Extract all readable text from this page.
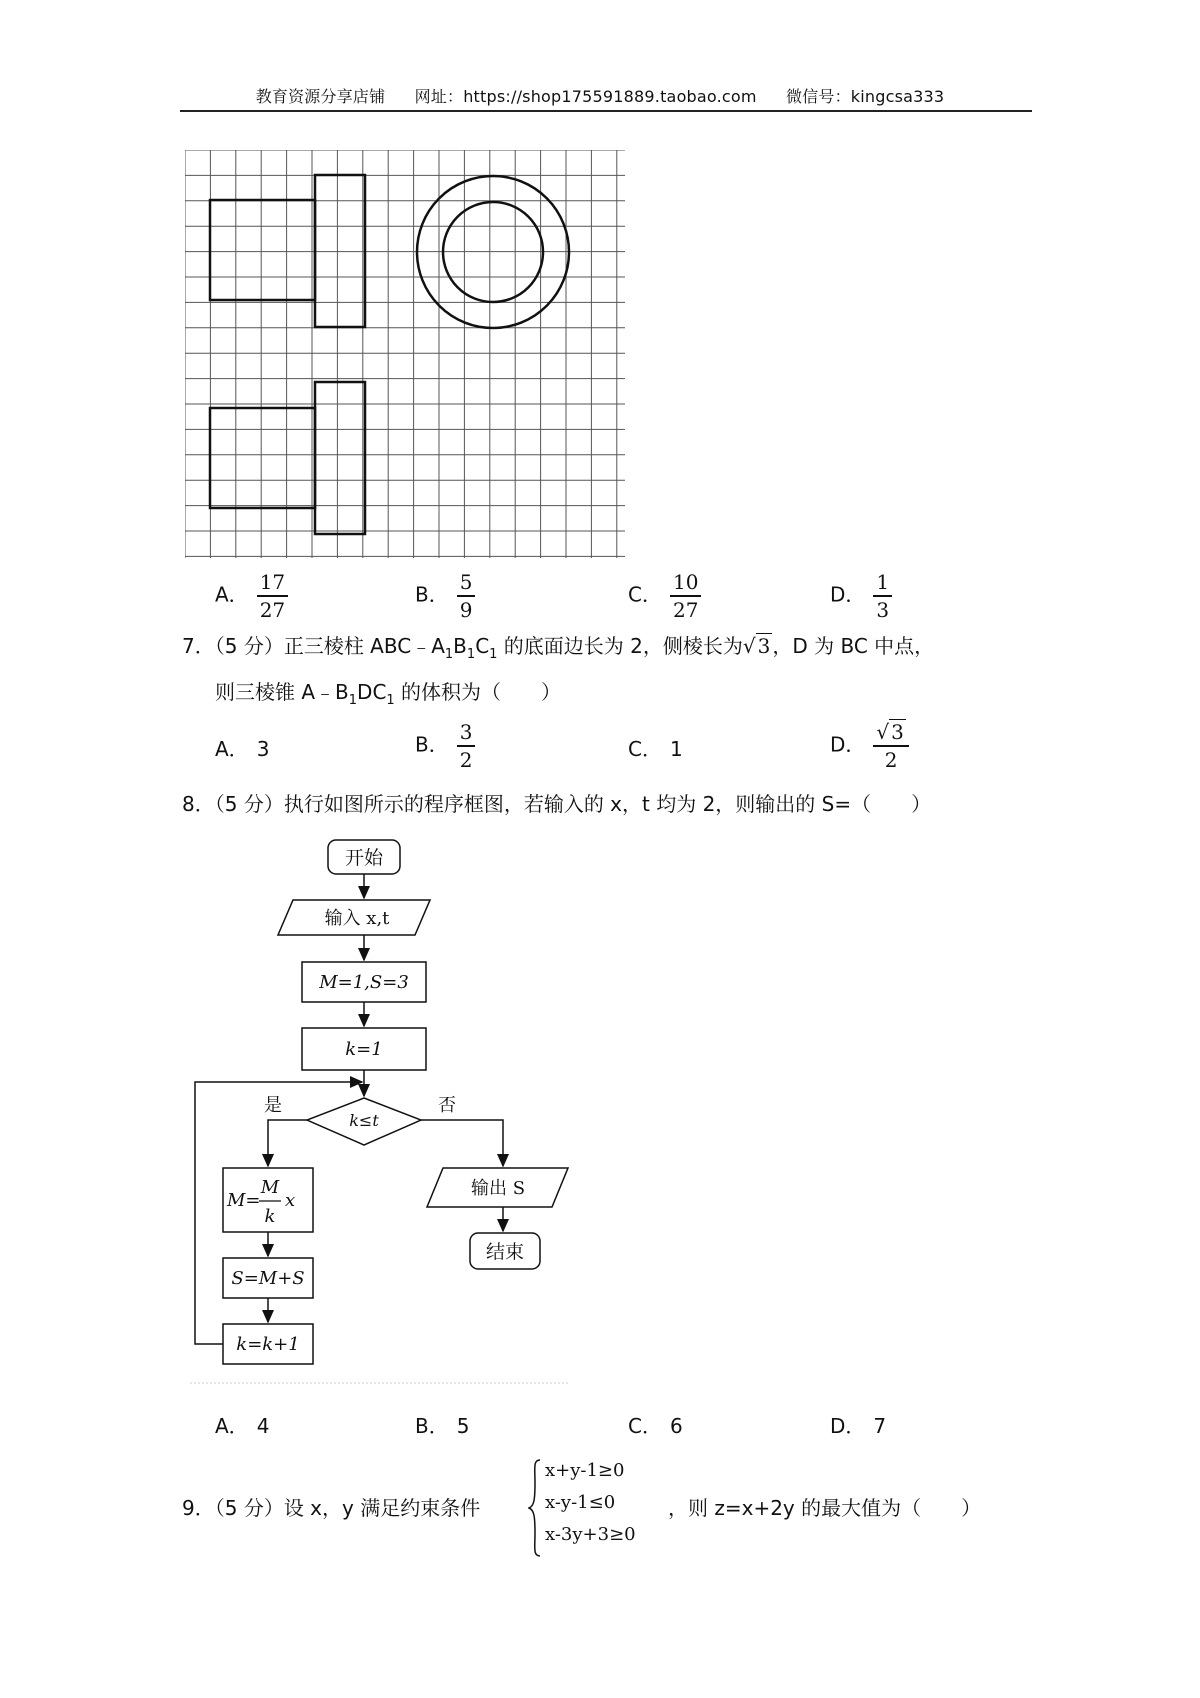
教育资源分享店铺 网址：https://shop175591889.taobao.com 微信号：kingcsa333
A． $\frac{17}{27}$	B． $\frac{5}{9}$	C． $\frac{10}{27}$	D． $\frac{1}{3}$
7．（5 分）正三棱柱 $ABC﹣A_1B_1C_1$ 的底面边长为 2，侧棱长为√ 3 ，D 为 BC 中点，
则三棱锥 $A﹣B_1DC_1$ 的体积为（　　）
A． 3	B． $\frac{3}{2}$	C． 1	D． $\frac{√ 3}{2}$
8．（5 分）执行如图所示的程序框图，若输入的 x，t 均为 2，则输出的 S=（　　）
开始
输入 x,t
M=1,S=3
k=1
k≤t
是	否
M=
M
k
x
S=M+S
k=k+1
输出 S
结束
A． 4	B． 5	C． 6	D． 7
9．（5 分）设 x，y 满足约束条件
x+y-1≥0
x-y-1≤0
x-3y+3≥0
，则 z=x+2y 的最大值为（　　）
